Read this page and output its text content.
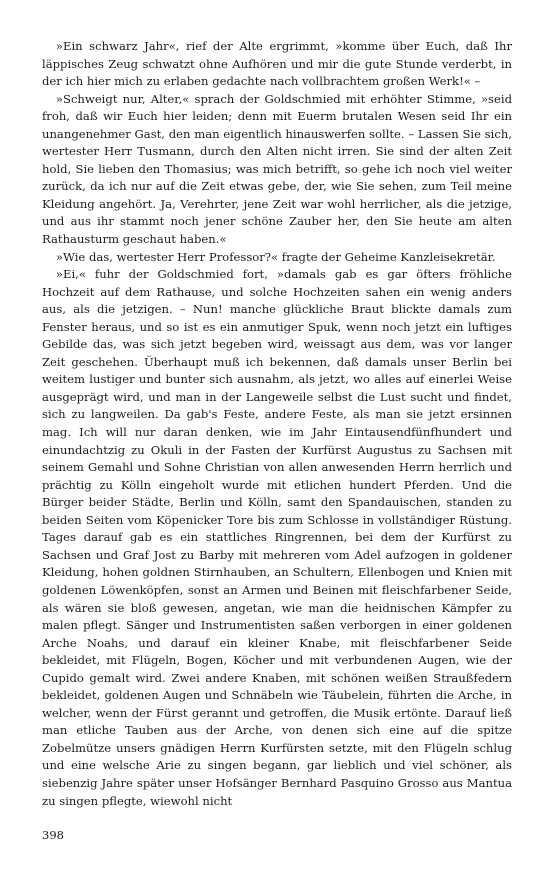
»Ein schwarz Jahr«, rief der Alte ergrimmt, »komme über Euch, daß Ihr läppisches Zeug schwatzt ohne Aufhören und mir die gute Stunde verderbt, in der ich hier mich zu erlaben gedachte nach vollbrachtem großen Werk!« –

»Schweigt nur, Alter,« sprach der Goldschmied mit erhöhter Stimme, »seid froh, daß wir Euch hier leiden; denn mit Euerm brutalen Wesen seid Ihr ein unangenehmer Gast, den man eigentlich hinauswerfen sollte. – Lassen Sie sich, wertester Herr Tusmann, durch den Alten nicht irren. Sie sind der alten Zeit hold, Sie lieben den Thomasius; was mich betrifft, so gehe ich noch viel weiter zurück, da ich nur auf die Zeit etwas gebe, der, wie Sie sehen, zum Teil meine Kleidung angehört. Ja, Verehrter, jene Zeit war wohl herrlicher, als die jetzige, und aus ihr stammt noch jener schöne Zauber her, den Sie heute am alten Rathausturm geschaut haben.«

»Wie das, wertester Herr Professor?« fragte der Geheime Kanzleisekretär.

»Ei,« fuhr der Goldschmied fort, »damals gab es gar öfters fröhliche Hochzeit auf dem Rathause, und solche Hochzeiten sahen ein wenig anders aus, als die jetzigen. – Nun! manche glückliche Braut blickte damals zum Fenster heraus, und so ist es ein anmutiger Spuk, wenn noch jetzt ein luftiges Gebilde das, was sich jetzt begeben wird, weissagt aus dem, was vor langer Zeit geschehen. Überhaupt muß ich bekennen, daß damals unser Berlin bei weitem lustiger und bunter sich ausnahm, als jetzt, wo alles auf einerlei Weise ausgeprägt wird, und man in der Langeweile selbst die Lust sucht und findet, sich zu langweilen. Da gab's Feste, andere Feste, als man sie jetzt ersinnen mag. Ich will nur daran denken, wie im Jahr Eintausendfünfhundert und einundachtzig zu Okuli in der Fasten der Kurfürst Augustus zu Sachsen mit seinem Gemahl und Sohne Christian von allen anwesenden Herrn herrlich und prächtig zu Kölln eingeholt wurde mit etlichen hundert Pferden. Und die Bürger beider Städte, Berlin und Kölln, samt den Spandauischen, standen zu beiden Seiten vom Köpenicker Tore bis zum Schlosse in vollständiger Rüstung. Tages darauf gab es ein stattliches Ringrennen, bei dem der Kurfürst zu Sachsen und Graf Jost zu Barby mit mehreren vom Adel aufzogen in goldener Kleidung, hohen goldnen Stirnhauben, an Schultern, Ellenbogen und Knien mit goldenen Löwenköpfen, sonst an Armen und Beinen mit fleischfarbener Seide, als wären sie bloß gewesen, angetan, wie man die heidnischen Kämpfer zu malen pflegt. Sänger und Instrumentisten saßen verborgen in einer goldenen Arche Noahs, und darauf ein kleiner Knabe, mit fleischfarbener Seide bekleidet, mit Flügeln, Bogen, Köcher und mit verbundenen Augen, wie der Cupido gemalt wird. Zwei andere Knaben, mit schönen weißen Straußfedern bekleidet, goldenen Augen und Schnäbeln wie Täubelein, führten die Arche, in welcher, wenn der Fürst gerannt und getroffen, die Musik ertönte. Darauf ließ man etliche Tauben aus der Arche, von denen sich eine auf die spitze Zobelmütze unsers gnädigen Herrn Kurfürsten setzte, mit den Flügeln schlug und eine welsche Arie zu singen begann, gar lieblich und viel schöner, als siebenzig Jahre später unser Hofsänger Bernhard Pasquino Grosso aus Mantua zu singen pflegte, wiewohl nicht

398
